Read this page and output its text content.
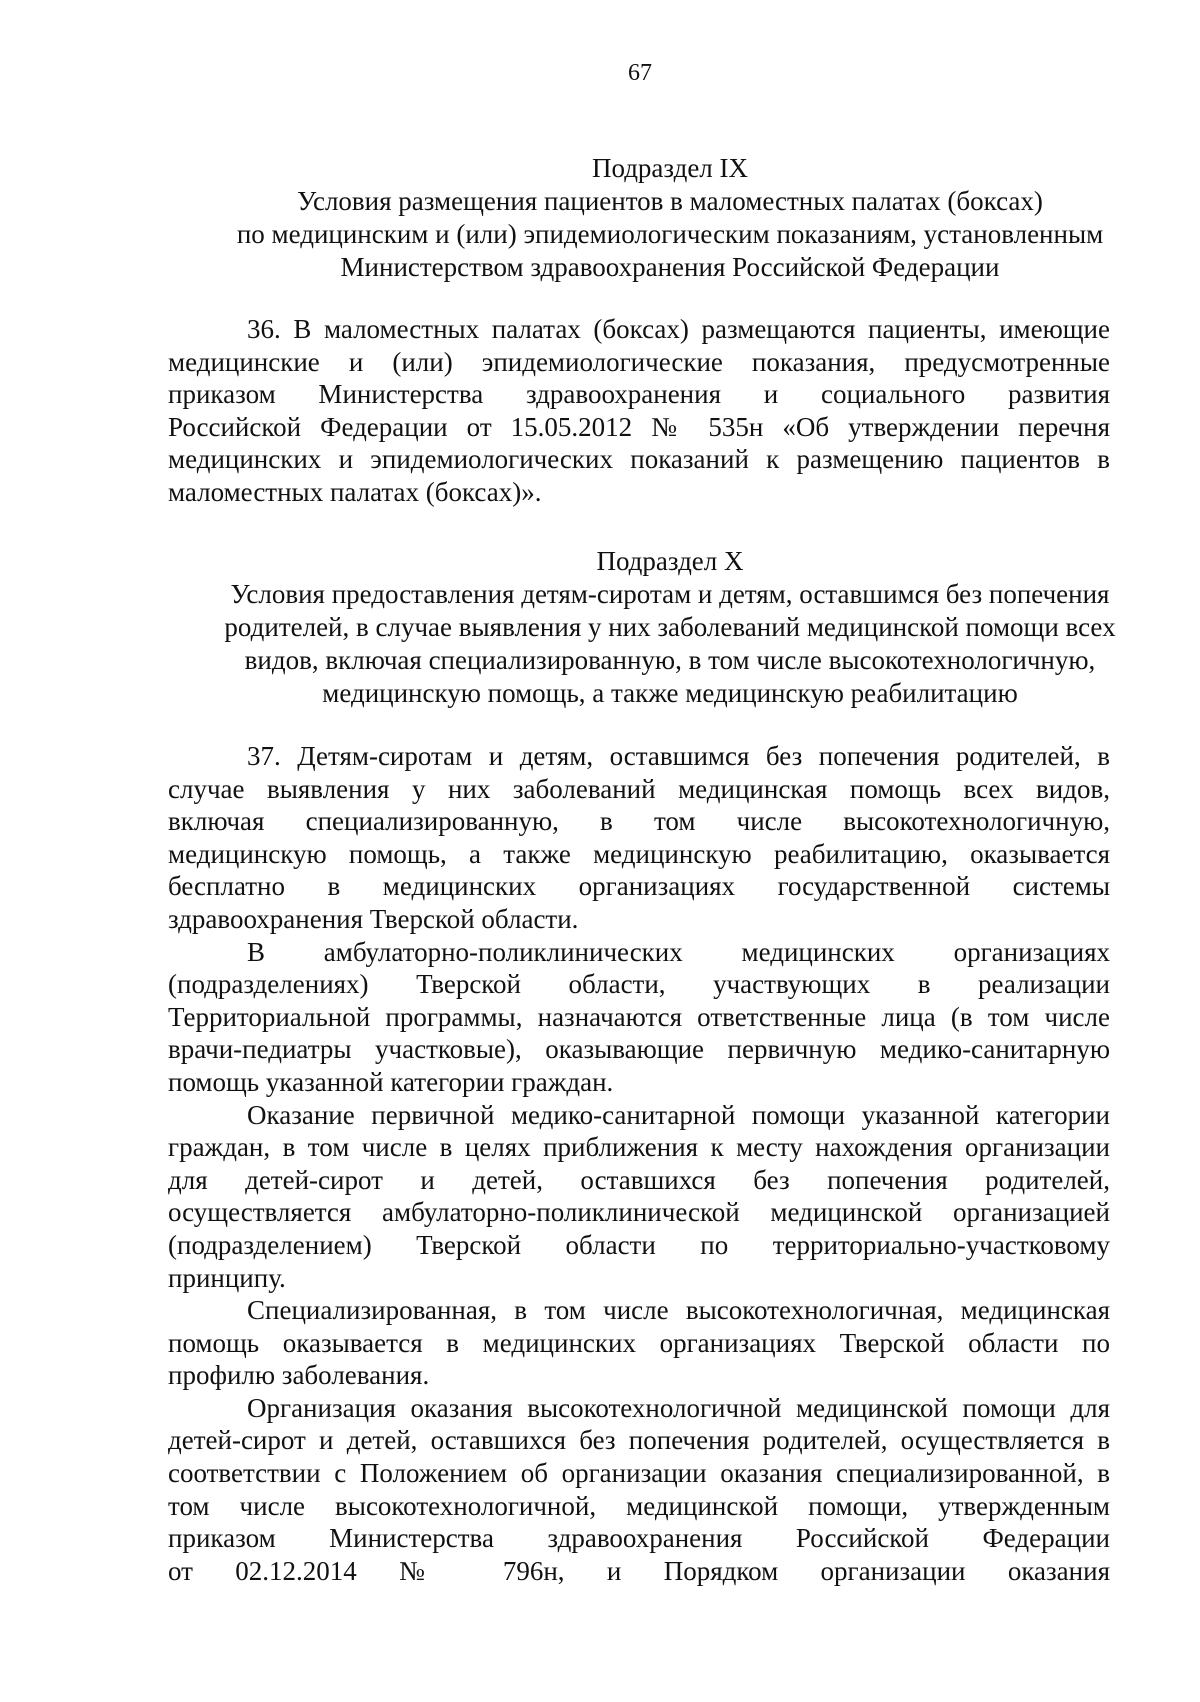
67
Подраздел IX
Условия размещения пациентов в маломестных палатах (боксах)
по медицинским и (или) эпидемиологическим показаниям, установленным
Министерством здравоохранения Российской Федерации
36. В маломестных палатах (боксах) размещаются пациенты, имеющие
медицинские и (или) эпидемиологические показания, предусмотренные
приказом Министерства здравоохранения и социального развития
Российской Федерации от 15.05.2012 № 535н «Об утверждении перечня
медицинских и эпидемиологических показаний к размещению пациентов в
маломестных палатах (боксах)».
Подраздел X
Условия предоставления детям-сиротам и детям, оставшимся без попечения
родителей, в случае выявления у них заболеваний медицинской помощи всех
видов, включая специализированную, в том числе высокотехнологичную,
медицинскую помощь, а также медицинскую реабилитацию
37. Детям-сиротам и детям, оставшимся без попечения родителей, в
случае выявления у них заболеваний медицинская помощь всех видов,
включая специализированную, в том числе высокотехнологичную,
медицинскую помощь, а также медицинскую реабилитацию, оказывается
бесплатно в медицинских организациях государственной системы
здравоохранения Тверской области.
В амбулаторно-поликлинических медицинских организациях
(подразделениях) Тверской области, участвующих в реализации
Территориальной программы, назначаются ответственные лица (в том числе
врачи-педиатры участковые), оказывающие первичную медико-санитарную
помощь указанной категории граждан.
Оказание первичной медико-санитарной помощи указанной категории
граждан, в том числе в целях приближения к месту нахождения организации
для детей-сирот и детей, оставшихся без попечения родителей,
осуществляется амбулаторно-поликлинической медицинской организацией
(подразделением) Тверской области по территориально-участковому
принципу.
Специализированная, в том числе высокотехнологичная, медицинская
помощь оказывается в медицинских организациях Тверской области по
профилю заболевания.
Организация оказания высокотехнологичной медицинской помощи для
детей-сирот и детей, оставшихся без попечения родителей, осуществляется в
соответствии с Положением об организации оказания специализированной, в
том числе высокотехнологичной, медицинской помощи, утвержденным
приказом Министерства здравоохранения Российской Федерации
от 02.12.2014 № 796н, и Порядком организации оказания
